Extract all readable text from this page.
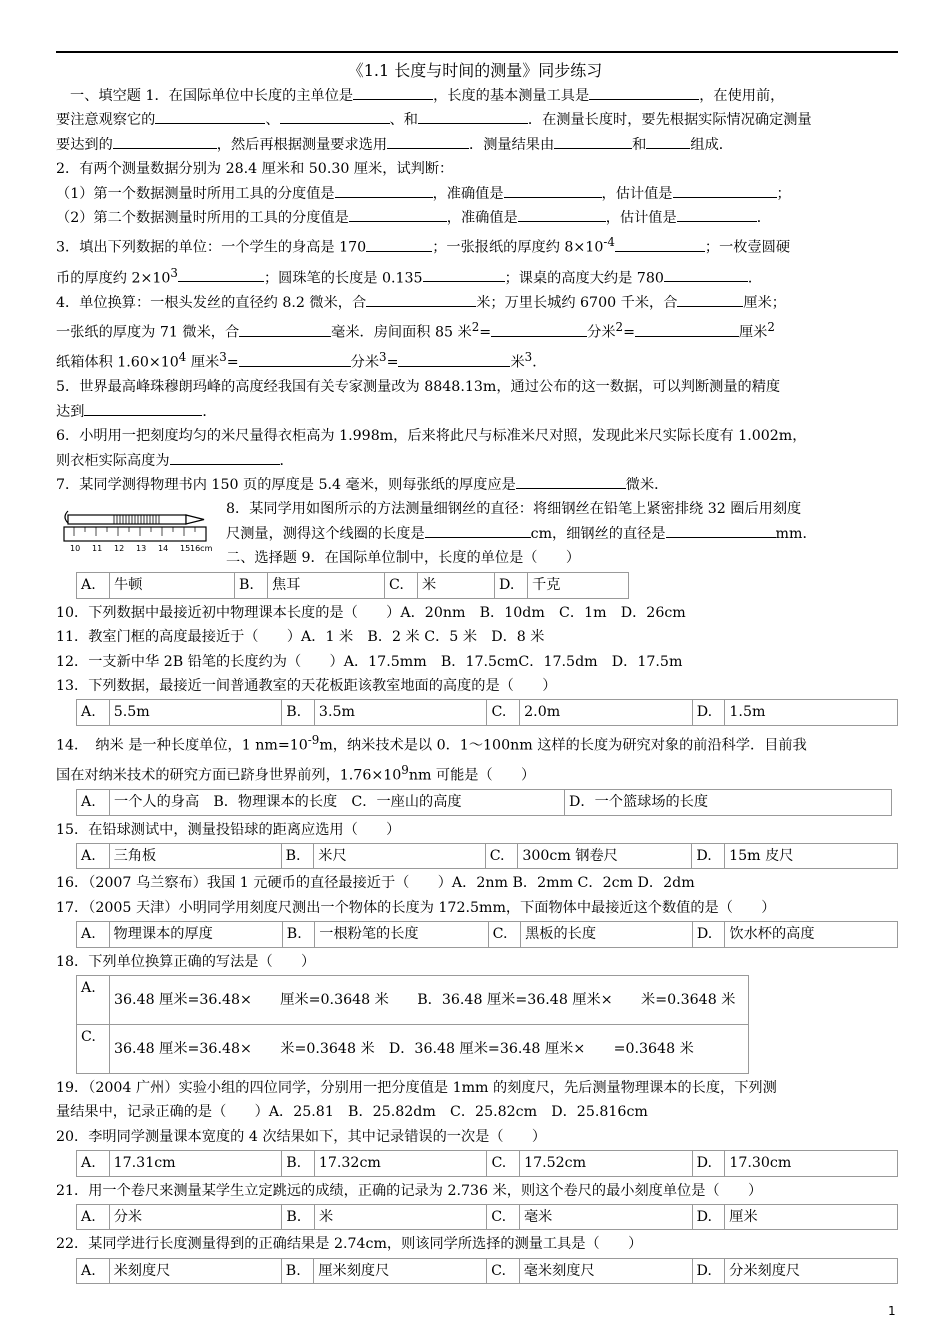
《1.1 长度与时间的测量》同步练习

一、填空题 1．在国际单位中长度的主单位是	，长度的基本测量工具是	，在使用前，

要注意观察它的	、	、和	．在测量长度时，要先根据实际情况确定测量

要达到的	，然后再根据测量要求选用	．测量结果由	和	组成．

2．有两个测量数据分别为 28.4 厘米和 50.30 厘米，试判断：

（1）第一个数据测量时所用工具的分度值是	，准确值是	，估计值是	；

（2）第二个数据测量时所用的工具的分度值是	，准确值是	，估计值是	．

3．填出下列数据的单位：一个学生的身高是 170	；一张报纸的厚度约 $8\times 10^{-4}$	；一枚壹圆硬

币的厚度约 $2\times 10^3$	；圆珠笔的长度是 0.135	；课桌的高度大约是 780	．

4．单位换算：一根头发丝的直径约 8.2 微米，合	米；万里长城约 6700 千米，合	厘米；

一张纸的厚度为 71 微米，合	毫米．房间面积 85 米$^2$=	分米$^2$=	厘米$^2$

纸箱体积 $1.60\times 10^4$ 厘米$^3$=	分米$^3$=	米$^3$．

5．世界最高峰珠穆朗玛峰的高度经我国有关专家测量改为 8848.13m，通过公布的这一数据，可以判断测量的精度

达到	．

6．小明用一把刻度均匀的米尺量得衣柜高为 1.998m，后来将此尺与标准米尺对照，发现此米尺实际长度有 1.002m，

则衣柜实际高度为	．

7．某同学测得物理书内 150 页的厚度是 5.4 毫米，则每张纸的厚度应是	微米．

10 11 12 13 14 15 16cm

8．某同学用如图所示的方法测量细钢丝的直径：将细钢丝在铅笔上紧密排绕 32 圈后用刻度

尺测量，测得这个线圈的长度是	cm，细钢丝的直径是	mm．

二、选择题 9．在国际单位制中，长度的单位是（　　）

A.	牛顿	B.	焦耳	C.	米	D.	千克

10．下列数据中最接近初中物理课本长度的是（　　）A．20nm　B．10dm　C．1m　D．26cm

11．教室门框的高度最接近于（　　）A．1 米　B．2 米 C．5 米　D．8 米

12．一支新中华 2B 铅笔的长度约为（　　）A．17.5mm　B．17.5cmC．17.5dm　D．17.5m

13．下列数据，最接近一间普通教室的天花板距该教室地面的高度的是（　　）

A.	5.5m	B.	3.5m	C.	2.0m	D.	1.5m

14．　纳米 是一种长度单位，1 $nm=10^{-9}m$，纳米技术是以 0．1～100nm 这样的长度为研究对象的前沿科学．目前我

国在对纳米技术的研究方面已跻身世界前列，$1.76\times 10^9nm$ 可能是（　　）

A.	一个人的身高　B．物理课本的长度　C．一座山的高度	D．一个篮球场的长度

15．在铅球测试中，测量投铅球的距离应选用（　　）

A.	三角板	B.	米尺	C.	300cm 钢卷尺	D.	15m 皮尺

16．（2007 乌兰察布）我国 1 元硬币的直径最接近于（　　）A．2nm B．2mm C．2cm D．2dm

17．（2005 天津）小明同学用刻度尺测出一个物体的长度为 172.5mm，下面物体中最接近这个数值的是（　　）

A.	物理课本的厚度	B.	一根粉笔的长度	C.	黑板的长度	D.	饮水杯的高度

18．下列单位换算正确的写法是（　　）

A.	36.48 厘米=36.48×　　厘米=0.3648 米　　B．36.48 厘米=36.48 厘米×　　米=0.3648 米
C.	36.48 厘米=36.48×　　米=0.3648 米　D．36.48 厘米=36.48 厘米×　　=0.3648 米

19．（2004 广州）实验小组的四位同学，分别用一把分度值是 1mm 的刻度尺，先后测量物理课本的长度，下列测

量结果中，记录正确的是（　　）A．25.81　B．25.82dm　C．25.82cm　D．25.816cm

20．李明同学测量课本宽度的 4 次结果如下，其中记录错误的一次是（　　）

A.	17.31cm	B.	17.32cm	C.	17.52cm	D.	17.30cm

21．用一个卷尺来测量某学生立定跳远的成绩，正确的记录为 2.736 米，则这个卷尺的最小刻度单位是（　　）

A.	分米	B.	米	C.	毫米	D.	厘米

22．某同学进行长度测量得到的正确结果是 2.74cm，则该同学所选择的测量工具是（　　）

A.	米刻度尺	B.	厘米刻度尺	C.	毫米刻度尺	D.	分米刻度尺
1
